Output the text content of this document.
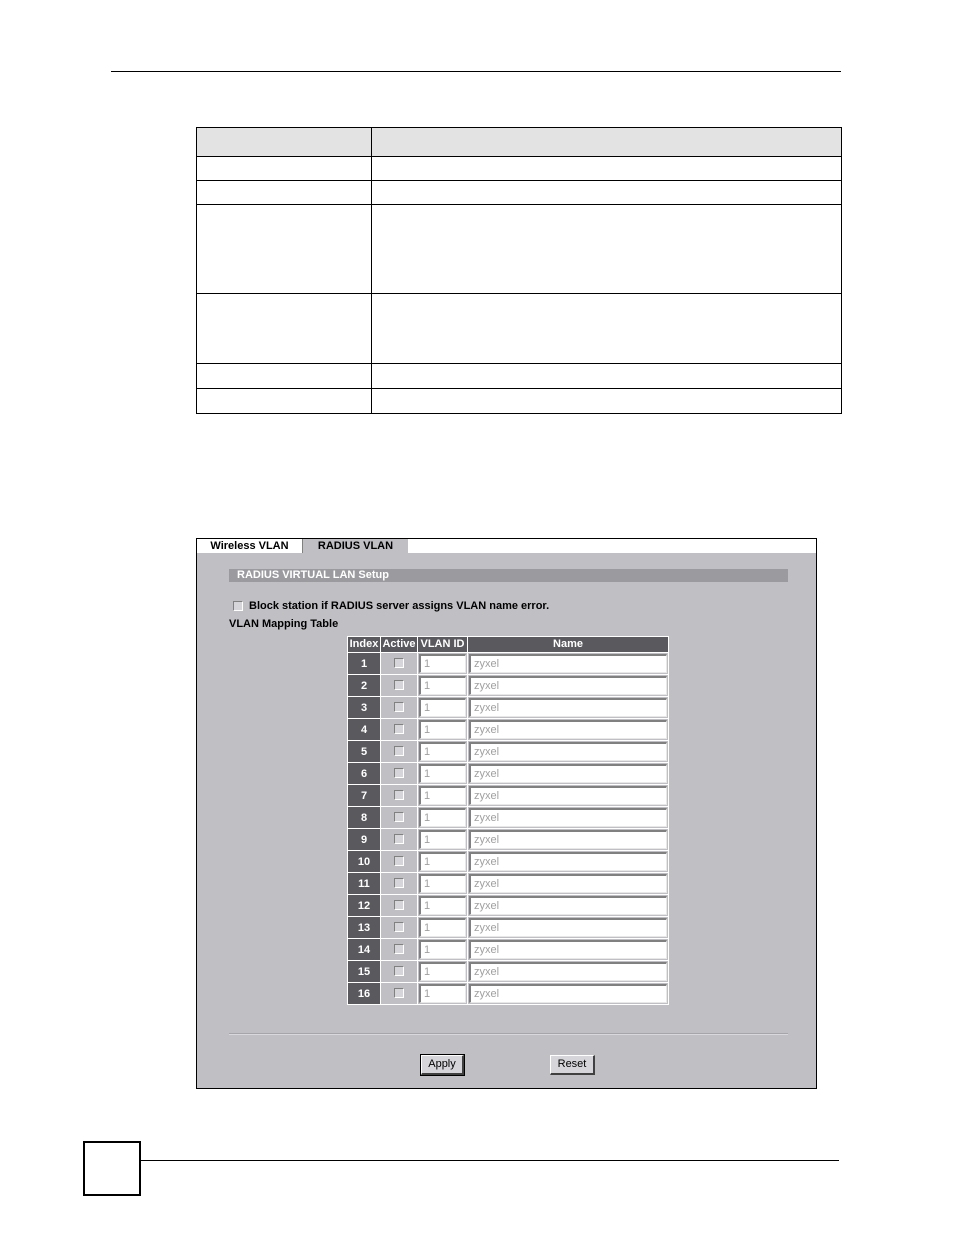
Wireless VLAN	RADIUS VLAN
RADIUS VIRTUAL LAN Setup
Block station if RADIUS server assigns VLAN name error.
VLAN Mapping Table
Index	Active	VLAN ID	Name
1		1	zyxel

2		1	zyxel

3		1	zyxel

4		1	zyxel

5		1	zyxel

6		1	zyxel

7		1	zyxel

8		1	zyxel

9		1	zyxel

10		1	zyxel

11		1	zyxel

12		1	zyxel

13		1	zyxel

14		1	zyxel

15		1	zyxel

16		1	zyxel
Apply	Reset
